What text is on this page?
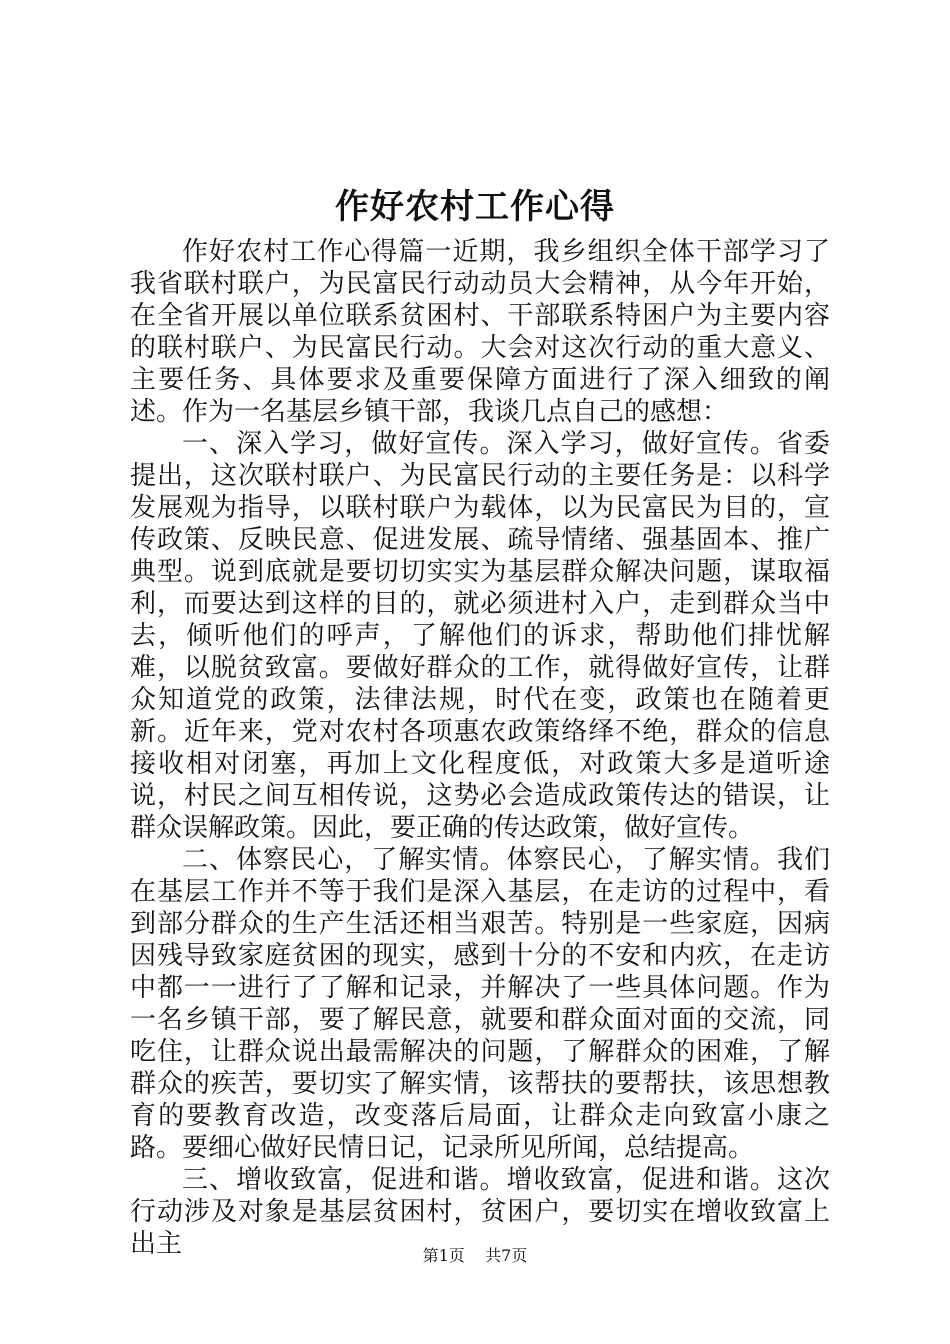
作好农村工作心得

作好农村工作心得篇一近期，我乡组织全体干部学习了我省联村联户，为民富民行动动员大会精神，从今年开始，在全省开展以单位联系贫困村、干部联系特困户为主要内容的联村联户、为民富民行动。大会对这次行动的重大意义、主要任务、具体要求及重要保障方面进行了深入细致的阐述。作为一名基层乡镇干部，我谈几点自己的感想：

一、深入学习，做好宣传。深入学习，做好宣传。省委提出，这次联村联户、为民富民行动的主要任务是：以科学发展观为指导，以联村联户为载体，以为民富民为目的，宣传政策、反映民意、促进发展、疏导情绪、强基固本、推广典型。说到底就是要切切实实为基层群众解决问题，谋取福利，而要达到这样的目的，就必须进村入户，走到群众当中去，倾听他们的呼声，了解他们的诉求，帮助他们排忧解难，以脱贫致富。要做好群众的工作，就得做好宣传，让群众知道党的政策，法律法规，时代在变，政策也在随着更新。近年来，党对农村各项惠农政策络绎不绝，群众的信息接收相对闭塞，再加上文化程度低，对政策大多是道听途说，村民之间互相传说，这势必会造成政策传达的错误，让群众误解政策。因此，要正确的传达政策，做好宣传。

二、体察民心，了解实情。体察民心，了解实情。我们在基层工作并不等于我们是深入基层，在走访的过程中，看到部分群众的生产生活还相当艰苦。特别是一些家庭，因病因残导致家庭贫困的现实，感到十分的不安和内疚，在走访中都一一进行了了解和记录，并解决了一些具体问题。作为一名乡镇干部，要了解民意，就要和群众面对面的交流，同吃住，让群众说出最需解决的问题，了解群众的困难，了解群众的疾苦，要切实了解实情，该帮扶的要帮扶，该思想教育的要教育改造，改变落后局面，让群众走向致富小康之路。要细心做好民情日记，记录所见所闻，总结提高。

三、增收致富，促进和谐。增收致富，促进和谐。这次行动涉及对象是基层贫困村，贫困户，要切实在增收致富上出主	第1页 共7页
